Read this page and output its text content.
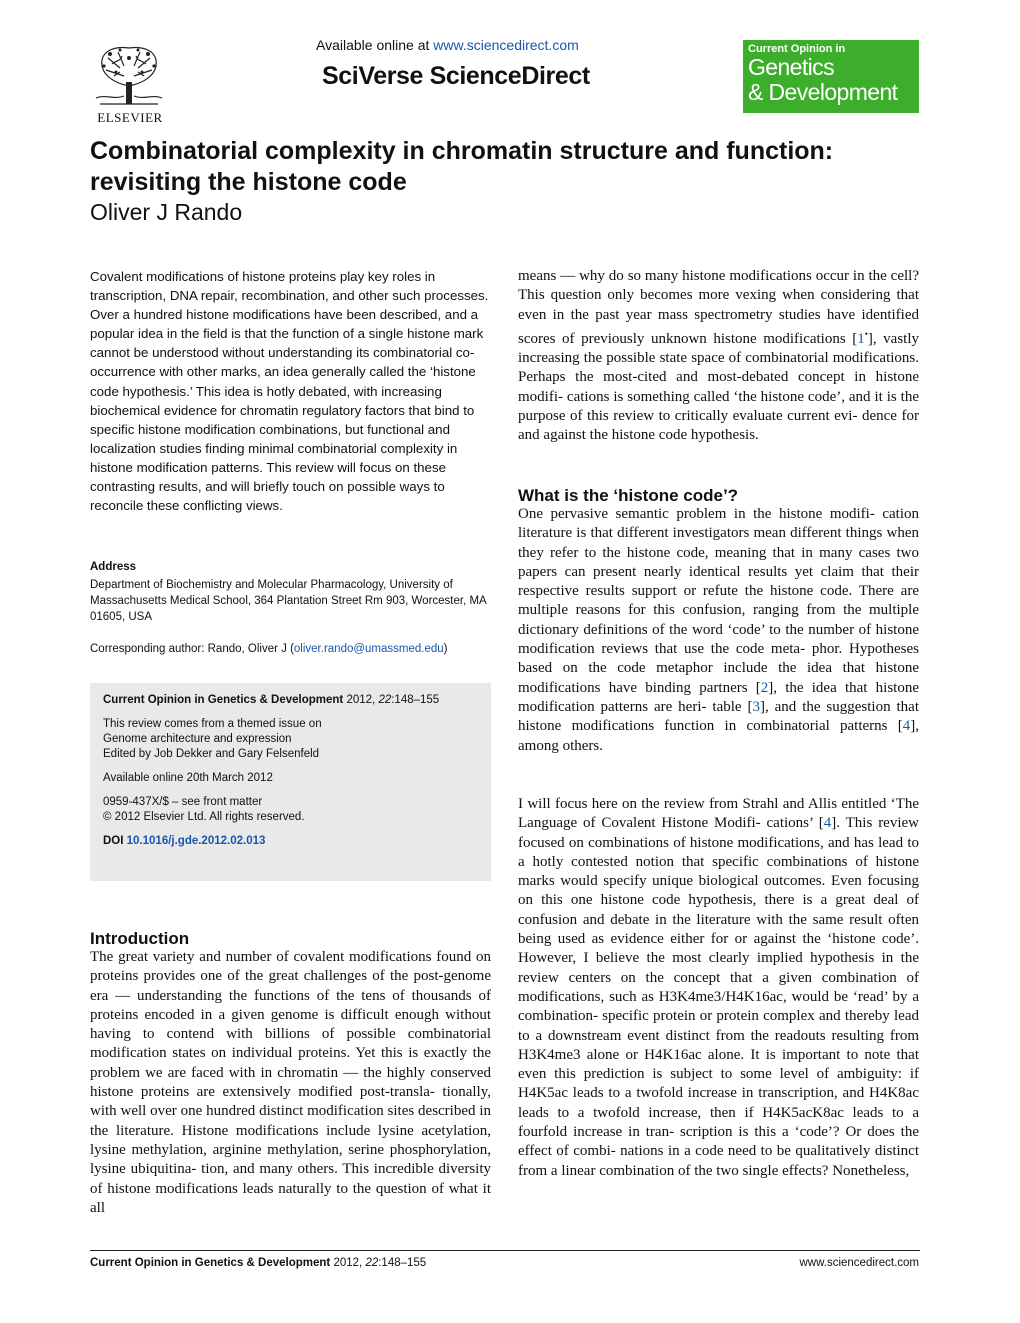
ELSEVIER
Available online at www.sciencedirect.com
SciVerse ScienceDirect
Current Opinion in
Genetics
& Development
Combinatorial complexity in chromatin structure and function: revisiting the histone code
Oliver J Rando
Covalent modifications of histone proteins play key roles in transcription, DNA repair, recombination, and other such processes. Over a hundred histone modifications have been described, and a popular idea in the field is that the function of a single histone mark cannot be understood without understanding its combinatorial co-occurrence with other marks, an idea generally called the ‘histone code hypothesis.’ This idea is hotly debated, with increasing biochemical evidence for chromatin regulatory factors that bind to specific histone modification combinations, but functional and localization studies finding minimal combinatorial complexity in histone modification patterns. This review will focus on these contrasting results, and will briefly touch on possible ways to reconcile these conflicting views.
Address
Department of Biochemistry and Molecular Pharmacology, University of Massachusetts Medical School, 364 Plantation Street Rm 903, Worcester, MA 01605, USA
Corresponding author: Rando, Oliver J (oliver.rando@umassmed.edu)

Current Opinion in Genetics & Development 2012, 22:148–155

This review comes from a themed issue on
Genome architecture and expression
Edited by Job Dekker and Gary Felsenfeld

Available online 20th March 2012

0959-437X/$ – see front matter
© 2012 Elsevier Ltd. All rights reserved.

DOI 10.1016/j.gde.2012.02.013

Introduction
The great variety and number of covalent modifications found on proteins provides one of the great challenges of the post-genome era — understanding the functions of the tens of thousands of proteins encoded in a given genome is difficult enough without having to contend with billions of possible combinatorial modification states on individual proteins. Yet this is exactly the problem we are faced with in chromatin — the highly conserved histone proteins are extensively modified post-transla- tionally, with well over one hundred distinct modification sites described in the literature. Histone modifications include lysine acetylation, lysine methylation, arginine methylation, serine phosphorylation, lysine ubiquitina- tion, and many others. This incredible diversity of histone modifications leads naturally to the question of what it all
means — why do so many histone modifications occur in the cell? This question only becomes more vexing when considering that even in the past year mass spectrometry studies have identified scores of previously unknown histone modifications [1•], vastly increasing the possible state space of combinatorial modifications. Perhaps the most-cited and most-debated concept in histone modifi- cations is something called ‘the histone code’, and it is the purpose of this review to critically evaluate current evi- dence for and against the histone code hypothesis.
What is the ‘histone code’?
One pervasive semantic problem in the histone modifi- cation literature is that different investigators mean different things when they refer to the histone code, meaning that in many cases two papers can present nearly identical results yet claim that their respective results support or refute the histone code. There are multiple reasons for this confusion, ranging from the multiple dictionary definitions of the word ‘code’ to the number of histone modification reviews that use the code meta- phor. Hypotheses based on the code metaphor include the idea that histone modifications have binding partners [2], the idea that histone modification patterns are heri- table [3], and the suggestion that histone modifications function in combinatorial patterns [4], among others.
I will focus here on the review from Strahl and Allis entitled ‘The Language of Covalent Histone Modifi- cations’ [4]. This review focused on combinations of histone modifications, and has lead to a hotly contested notion that specific combinations of histone marks would specify unique biological outcomes. Even focusing on this one histone code hypothesis, there is a great deal of confusion and debate in the literature with the same result often being used as evidence either for or against the ‘histone code’. However, I believe the most clearly implied hypothesis in the review centers on the concept that a given combination of modifications, such as H3K4me3/H4K16ac, would be ‘read’ by a combination- specific protein or protein complex and thereby lead to a downstream event distinct from the readouts resulting from H3K4me3 alone or H4K16ac alone. It is important to note that even this prediction is subject to some level of ambiguity: if H4K5ac leads to a twofold increase in transcription, and H4K8ac leads to a twofold increase, then if H4K5acK8ac leads to a fourfold increase in tran- scription is this a ‘code’? Or does the effect of combi- nations in a code need to be qualitatively distinct from a linear combination of the two single effects? Nonetheless,
Current Opinion in Genetics & Development 2012, 22:148–155	www.sciencedirect.com
